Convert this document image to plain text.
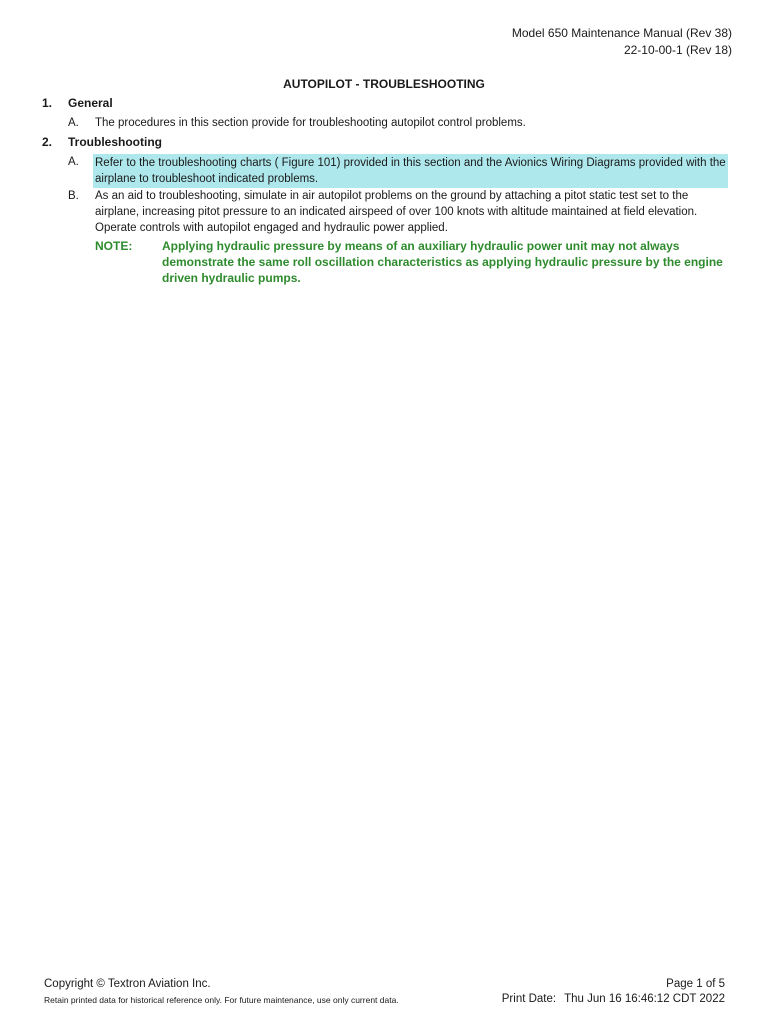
Model 650 Maintenance Manual (Rev 38)
22-10-00-1 (Rev 18)
AUTOPILOT - TROUBLESHOOTING
1. General
A.	The procedures in this section provide for troubleshooting autopilot control problems.
2. Troubleshooting
A.	Refer to the troubleshooting charts ( Figure 101) provided in this section and the Avionics Wiring Diagrams provided with the airplane to troubleshoot indicated problems.
B.	As an aid to troubleshooting, simulate in air autopilot problems on the ground by attaching a pitot static test set to the airplane, increasing pitot pressure to an indicated airspeed of over 100 knots with altitude maintained at field elevation. Operate controls with autopilot engaged and hydraulic power applied.
NOTE:	Applying hydraulic pressure by means of an auxiliary hydraulic power unit may not always demonstrate the same roll oscillation characteristics as applying hydraulic pressure by the engine driven hydraulic pumps.
Copyright © Textron Aviation Inc.
Retain printed data for historical reference only. For future maintenance, use only current data.
Page 1 of 5
Print Date: Thu Jun 16 16:46:12 CDT 2022
